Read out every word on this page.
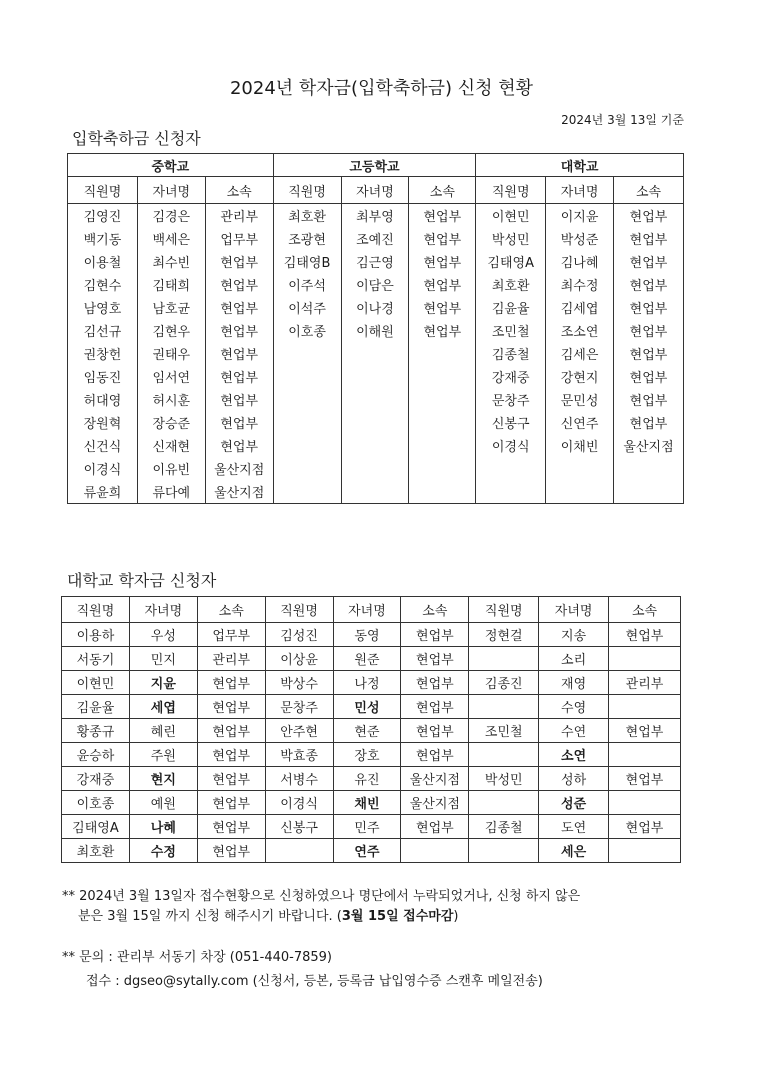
2024년 학자금(입학축하금) 신청 현황
2024년 3월 13일 기준
입학축하금 신청자
중학교			고등학교			대학교		
직원명	자녀명	소속	직원명	자녀명	소속	직원명	자녀명	소속
김영진	김경은	관리부	최호환	최부영	현업부	이현민	이지윤	현업부
백기동	백세은	업무부	조광현	조예진	현업부	박성민	박성준	현업부
이용철	최수빈	현업부	김태영B	김근영	현업부	김태영A	김나혜	현업부
김현수	김태희	현업부	이주석	이담은	현업부	최호환	최수정	현업부
남영호	남호균	현업부	이석주	이나경	현업부	김윤율	김세엽	현업부
김선규	김현우	현업부	이호종	이해원	현업부	조민철	조소연	현업부
권창헌	권태우	현업부				김종철	김세은	현업부
임동진	임서연	현업부				강재중	강현지	현업부
허대영	허시훈	현업부				문창주	문민성	현업부
장원혁	장승준	현업부				신봉구	신연주	현업부
신건식	신재현	현업부				이경식	이채빈	울산지점
이경식	이유빈	울산지점						
류윤희	류다예	울산지점						
대학교 학자금 신청자
직원명	자녀명	소속	직원명	자녀명	소속	직원명	자녀명	소속
이용하	우성	업무부	김성진	동영	현업부	정현걸	지송	현업부
서동기	민지	관리부	이상윤	원준	현업부		소리	
이현민	지윤	현업부	박상수	나정	현업부	김종진	재영	관리부
김윤율	세엽	현업부	문창주	민성	현업부		수영	
황종규	혜린	현업부	안주현	현준	현업부	조민철	수연	현업부
윤승하	주원	현업부	박효종	장호	현업부		소연	
강재중	현지	현업부	서병수	유진	울산지점	박성민	성하	현업부
이호종	예원	현업부	이경식	채빈	울산지점		성준	
김태영A	나혜	현업부	신봉구	민주	현업부	김종철	도연	현업부
최호환	수정	현업부		연주			세은	
** 2024년 3월 13일자 접수현황으로 신청하였으나 명단에서 누락되었거나, 신청 하지 않은
분은 3월 15일 까지 신청 해주시기 바랍니다. (3월 15일 접수마감)
** 문의 : 관리부 서동기 차장 (051-440-7859)
접수 : dgseo@sytally.com (신청서, 등본, 등록금 납입영수증 스캔후 메일전송)
